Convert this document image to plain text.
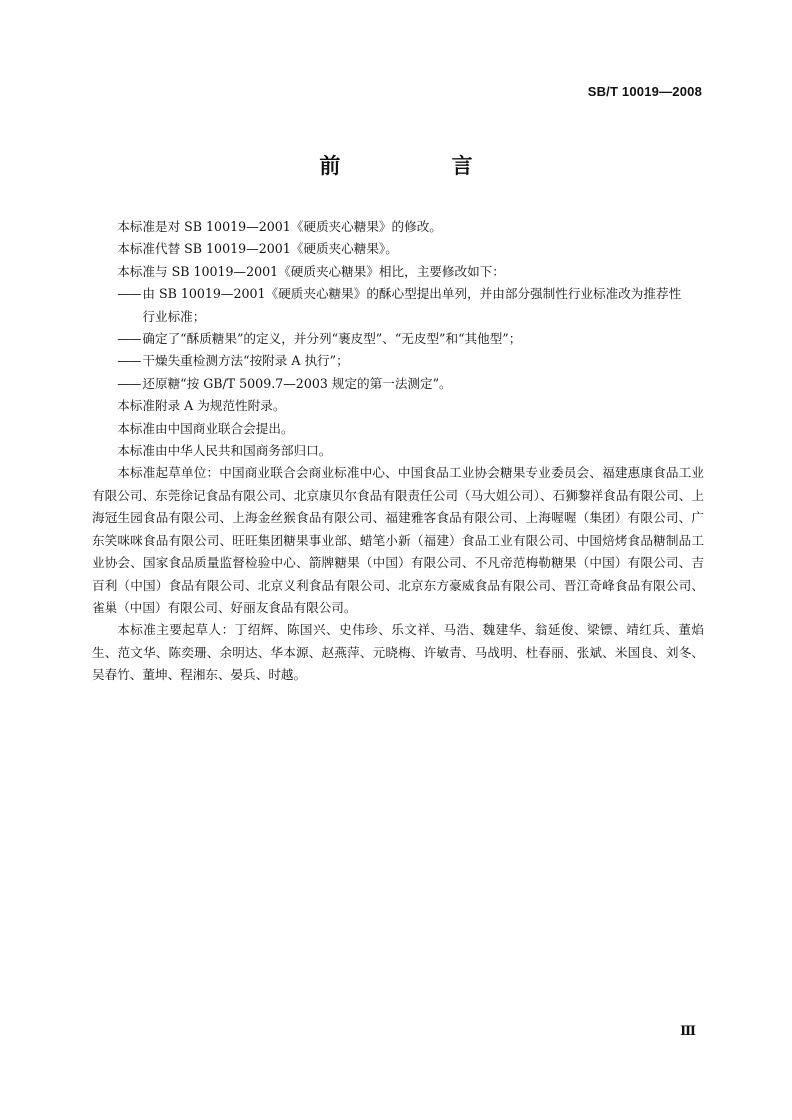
SB/T 10019—2008
前 言

本标准是对 SB 10019—2001《硬质夹心糖果》的修改。

本标准代替 SB 10019—2001《硬质夹心糖果》。

本标准与 SB 10019—2001《硬质夹心糖果》相比，主要修改如下：

—— 由 SB 10019—2001《硬质夹心糖果》的酥心型提出单列，并由部分强制性行业标准改为推荐性

行业标准；

—— 确定了“酥质糖果”的定义，并分列“裹皮型”、“无皮型”和“其他型”；

—— 干燥失重检测方法“按附录 A 执行”；

—— 还原糖“按 GB/T 5009.7—2003 规定的第一法测定”。

本标准附录 A 为规范性附录。

本标准由中国商业联合会提出。

本标准由中华人民共和国商务部归口。

本标准起草单位：中国商业联合会商业标准中心、中国食品工业协会糖果专业委员会、福建惠康食品工业有限公司、东莞徐记食品有限公司、北京康贝尔食品有限责任公司（马大姐公司）、石狮黎祥食品有限公司、上海冠生园食品有限公司、上海金丝猴食品有限公司、福建雅客食品有限公司、上海喔喔（集团）有限公司、广东笑咪咪食品有限公司、旺旺集团糖果事业部、蜡笔小新（福建）食品工业有限公司、中国焙烤食品糖制品工业协会、国家食品质量监督检验中心、箭牌糖果（中国）有限公司、不凡帝范梅勒糖果（中国）有限公司、吉百利（中国）食品有限公司、北京义利食品有限公司、北京东方豪威食品有限公司、晋江奇峰食品有限公司、雀巢（中国）有限公司、好丽友食品有限公司。

本标准主要起草人：丁绍辉、陈国兴、史伟珍、乐文祥、马浩、魏建华、翁延俊、梁镖、靖红兵、董焰生、范文华、陈奕珊、余明达、华本源、赵燕萍、元晓梅、许敏青、马战明、杜春丽、张斌、米国良、刘冬、吴春竹、董坤、程湘东、晏兵、时越。

Ⅲ
